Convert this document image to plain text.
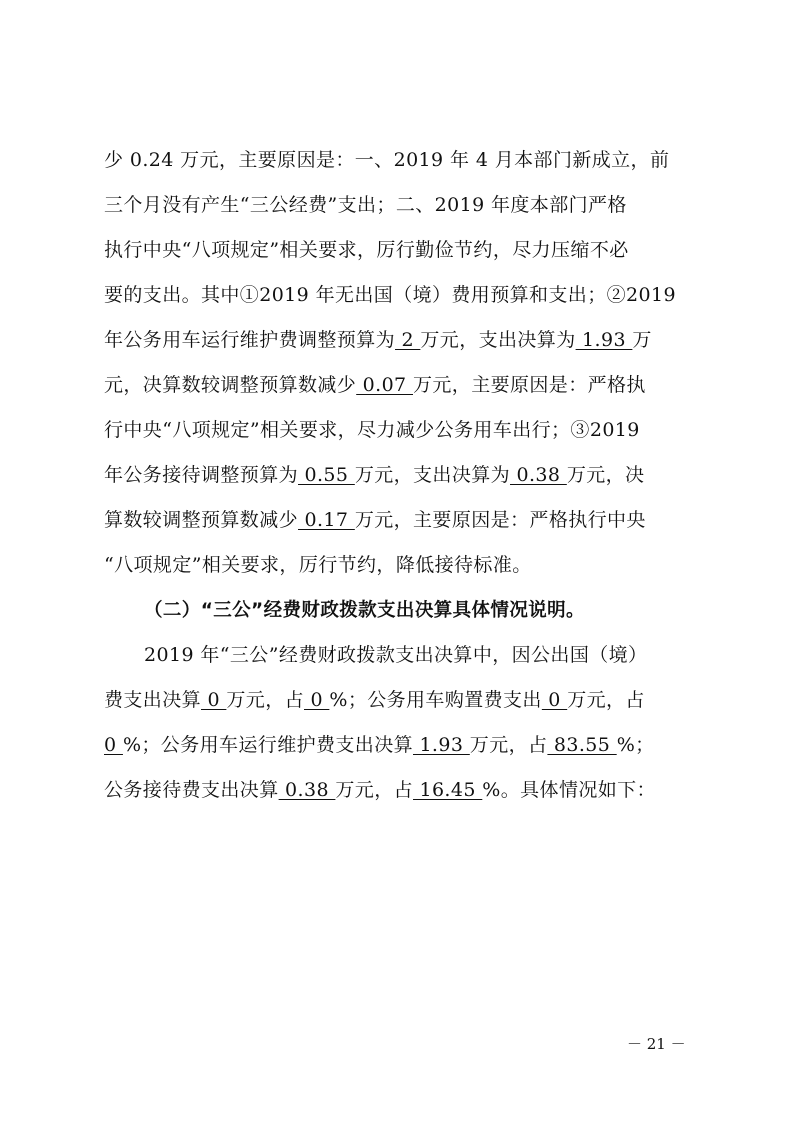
少 0.24 万元，主要原因是：一、2019 年 4 月本部门新成立，前
三个月没有产生“三公经费”支出；二、2019 年度本部门严格
执行中央“八项规定”相关要求，厉行勤俭节约，尽力压缩不必
要的支出。其中①2019 年无出国（境）费用预算和支出；②2019
年公务用车运行维护费调整预算为 2 万元，支出决算为 1.93 万
元，决算数较调整预算数减少 0.07 万元，主要原因是：严格执
行中央“八项规定”相关要求，尽力减少公务用车出行；③2019
年公务接待调整预算为 0.55 万元，支出决算为 0.38 万元，决
算数较调整预算数减少 0.17 万元，主要原因是：严格执行中央
“八项规定”相关要求，厉行节约，降低接待标准。
（二）“三公”经费财政拨款支出决算具体情况说明。
2019 年“三公”经费财政拨款支出决算中，因公出国（境）
费支出决算 0 万元，占 0 %；公务用车购置费支出 0 万元，占
0 %；公务用车运行维护费支出决算 1.93 万元，占 83.55 %；
公务接待费支出决算 0.38 万元，占 16.45 %。具体情况如下：
－ 21 －
